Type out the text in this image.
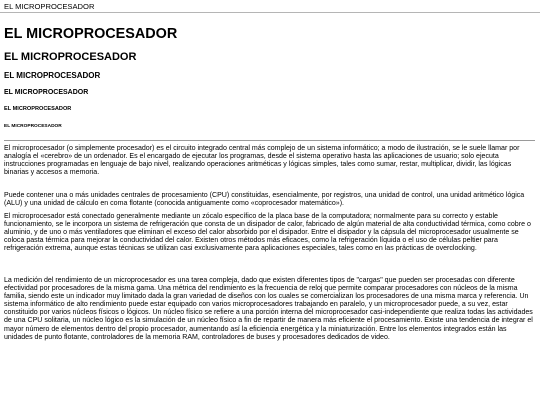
EL MICROPROCESADOR
EL MICROPROCESADOR
EL MICROPROCESADOR
EL MICROPROCESADOR
EL MICROPROCESADOR
EL MICROPROCESADOR
EL MICROPROCESADOR

El microprocesador (o simplemente procesador) es el circuito integrado central más complejo de un sistema informático; a modo de ilustración, se le suele llamar por analogía el «cerebro» de un ordenador. Es el encargado de ejecutar los programas, desde el sistema operativo hasta las aplicaciones de usuario; solo ejecuta instrucciones programadas en lenguaje de bajo nivel, realizando operaciones aritméticas y lógicas simples, tales como sumar, restar, multiplicar, dividir, las lógicas binarias y accesos a memoria.

Puede contener una o más unidades centrales de procesamiento (CPU) constituidas, esencialmente, por registros, una unidad de control, una unidad aritmético lógica (ALU) y una unidad de cálculo en coma flotante (conocida antiguamente como «coprocesador matemático»).

El microprocesador está conectado generalmente mediante un zócalo específico de la placa base de la computadora; normalmente para su correcto y estable funcionamiento, se le incorpora un sistema de refrigeración que consta de un disipador de calor, fabricado de algún material de alta conductividad térmica, como cobre o aluminio, y de uno o más ventiladores que eliminan el exceso del calor absorbido por el disipador. Entre el disipador y la cápsula del microprocesador usualmente se coloca pasta térmica para mejorar la conductividad del calor. Existen otros métodos más eficaces, como la refrigeración líquida o el uso de células peltier para refrigeración extrema, aunque estas técnicas se utilizan casi exclusivamente para aplicaciones especiales, tales como en las prácticas de overclocking.

La medición del rendimiento de un microprocesador es una tarea compleja, dado que existen diferentes tipos de "cargas" que pueden ser procesadas con diferente efectividad por procesadores de la misma gama. Una métrica del rendimiento es la frecuencia de reloj que permite comparar procesadores con núcleos de la misma familia, siendo este un indicador muy limitado dada la gran variedad de diseños con los cuales se comercializan los procesadores de una misma marca y referencia. Un sistema informático de alto rendimiento puede estar equipado con varios microprocesadores trabajando en paralelo, y un microprocesador puede, a su vez, estar constituido por varios núcleos físicos o lógicos. Un núcleo físico se refiere a una porción interna del microprocesador casi-independiente que realiza todas las actividades de una CPU solitaria, un núcleo lógico es la simulación de un núcleo físico a fin de repartir de manera más eficiente el procesamiento. Existe una tendencia de integrar el mayor número de elementos dentro del propio procesador, aumentando así la eficiencia energética y la miniaturización. Entre los elementos integrados están las unidades de punto flotante, controladores de la memoria RAM, controladores de buses y procesadores dedicados de video.
